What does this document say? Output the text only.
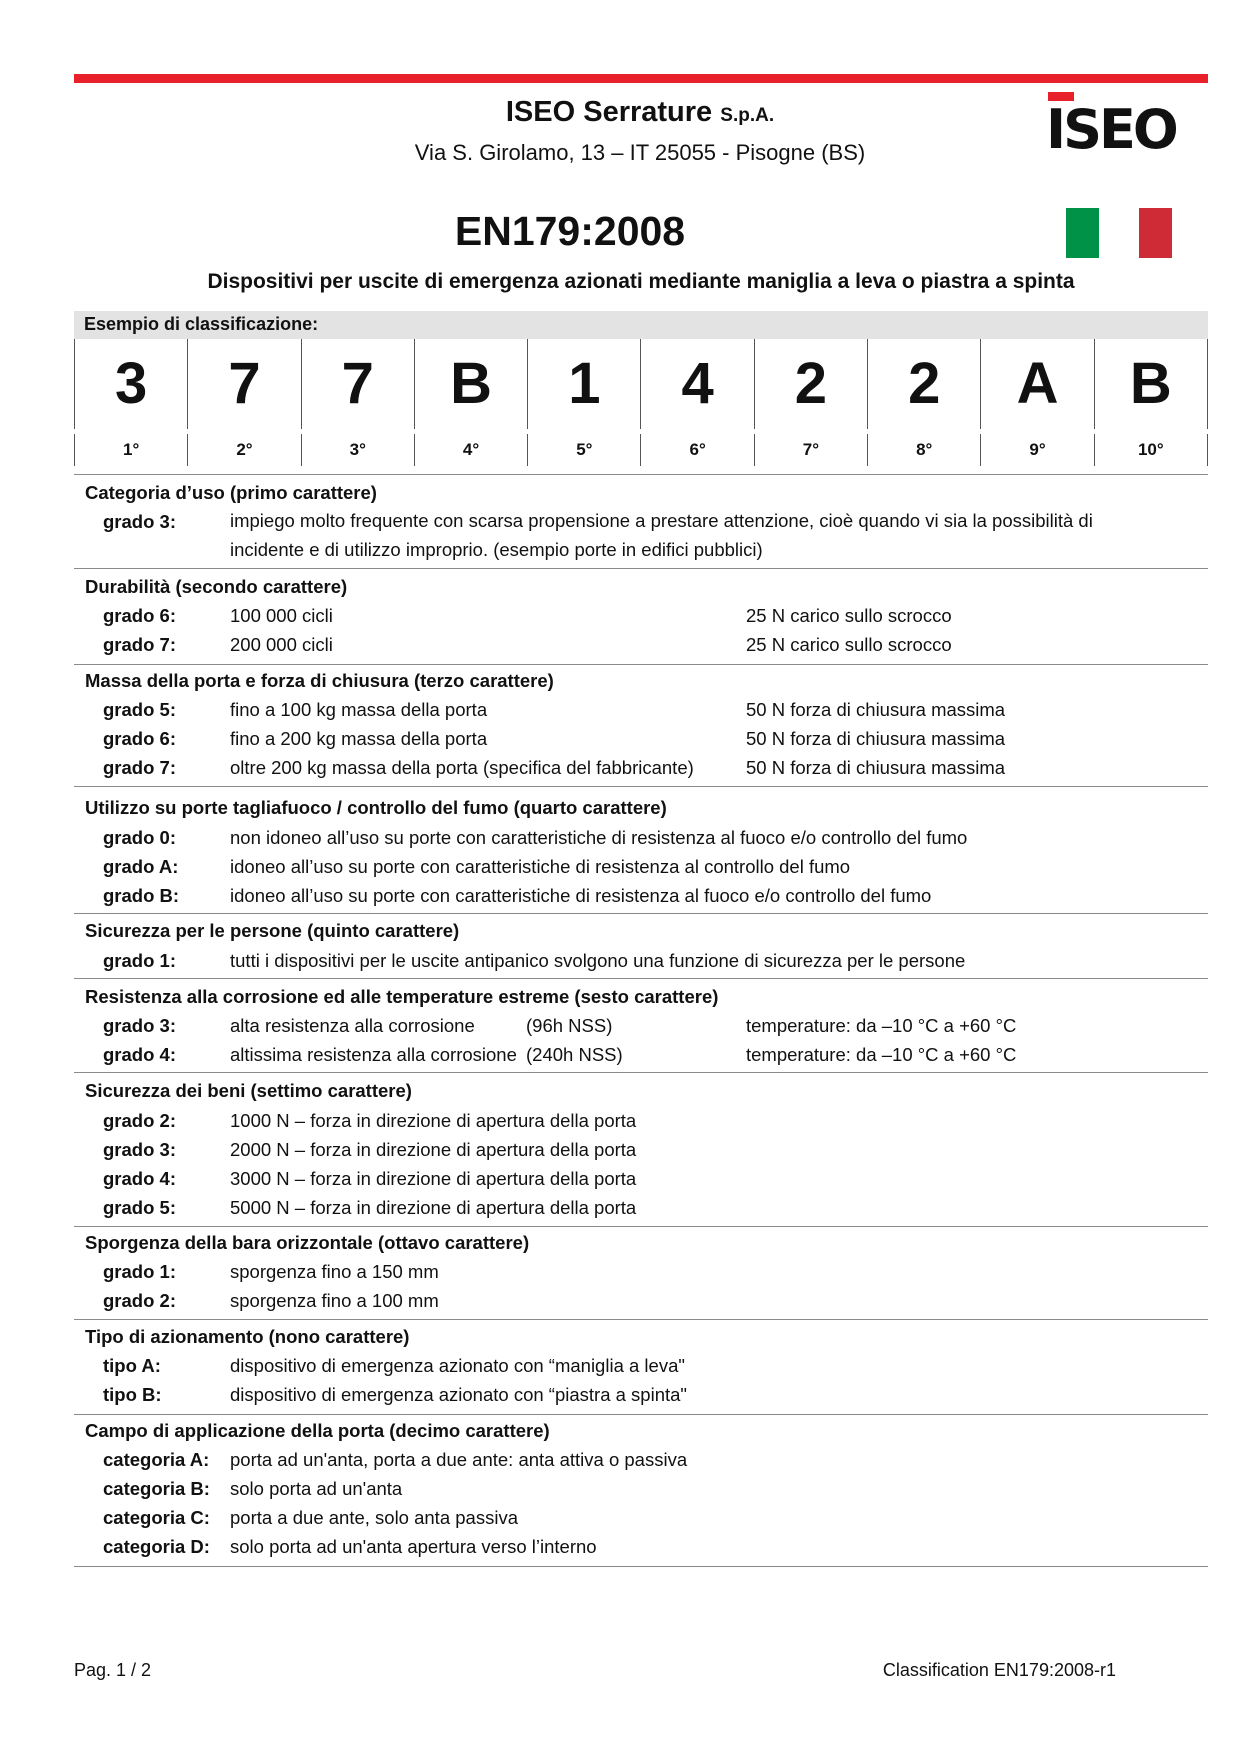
ISEO Serrature S.p.A.
Via S. Girolamo, 13 – IT 25055 - Pisogne (BS)	ISEO
EN179:2008
Dispositivi per uscite di emergenza azionati mediante maniglia a leva o piastra a spinta
Esempio di classificazione:
3	7	7	B	1	4	2	2	A	B
1°	2°	3°	4°	5°	6°	7°	8°	9°	10°
Categoria d’uso (primo carattere)
grado 3:	impiego molto frequente con scarsa propensione a prestare attenzione, cioè quando vi sia la possibilità di incidente e di utilizzo improprio. (esempio porte in edifici pubblici)
Durabilità (secondo carattere)
grado 6:	100 000 cicli	25 N carico sullo scrocco
grado 7:	200 000 cicli	25 N carico sullo scrocco
Massa della porta e forza di chiusura (terzo carattere)
grado 5:	fino a 100 kg massa della porta	50 N forza di chiusura massima
grado 6:	fino a 200 kg massa della porta	50 N forza di chiusura massima
grado 7:	oltre 200 kg massa della porta (specifica del fabbricante)	50 N forza di chiusura massima
Utilizzo su porte tagliafuoco / controllo del fumo (quarto carattere)
grado 0:	non idoneo all’uso su porte con caratteristiche di resistenza al fuoco e/o controllo del fumo
grado A:	idoneo all’uso su porte con caratteristiche di resistenza al controllo del fumo
grado B:	idoneo all’uso su porte con caratteristiche di resistenza al fuoco e/o controllo del fumo
Sicurezza per le persone (quinto carattere)
grado 1:	tutti i dispositivi per le uscite antipanico svolgono una funzione di sicurezza per le persone
Resistenza alla corrosione ed alle temperature estreme (sesto carattere)
grado 3:	alta resistenza alla corrosione	(96h NSS)	temperature: da –10 °C a +60 °C
grado 4:	altissima resistenza alla corrosione (240h NSS)	temperature: da –10 °C a +60 °C
Sicurezza dei beni (settimo carattere)
grado 2:	1000 N – forza in direzione di apertura della porta
grado 3:	2000 N – forza in direzione di apertura della porta
grado 4:	3000 N – forza in direzione di apertura della porta
grado 5:	5000 N – forza in direzione di apertura della porta
Sporgenza della bara orizzontale (ottavo carattere)
grado 1:	sporgenza fino a 150 mm
grado 2:	sporgenza fino a 100 mm
Tipo di azionamento (nono carattere)
tipo A:	dispositivo di emergenza azionato con “maniglia a leva"
tipo B:	dispositivo di emergenza azionato con “piastra a spinta"
Campo di applicazione della porta (decimo carattere)
categoria A: porta ad un'anta, porta a due ante: anta attiva o passiva
categoria B: solo porta ad un'anta
categoria C: porta a due ante, solo anta passiva
categoria D: solo porta ad un'anta apertura verso l’interno
Pag. 1 / 2	Classification EN179:2008-r1
